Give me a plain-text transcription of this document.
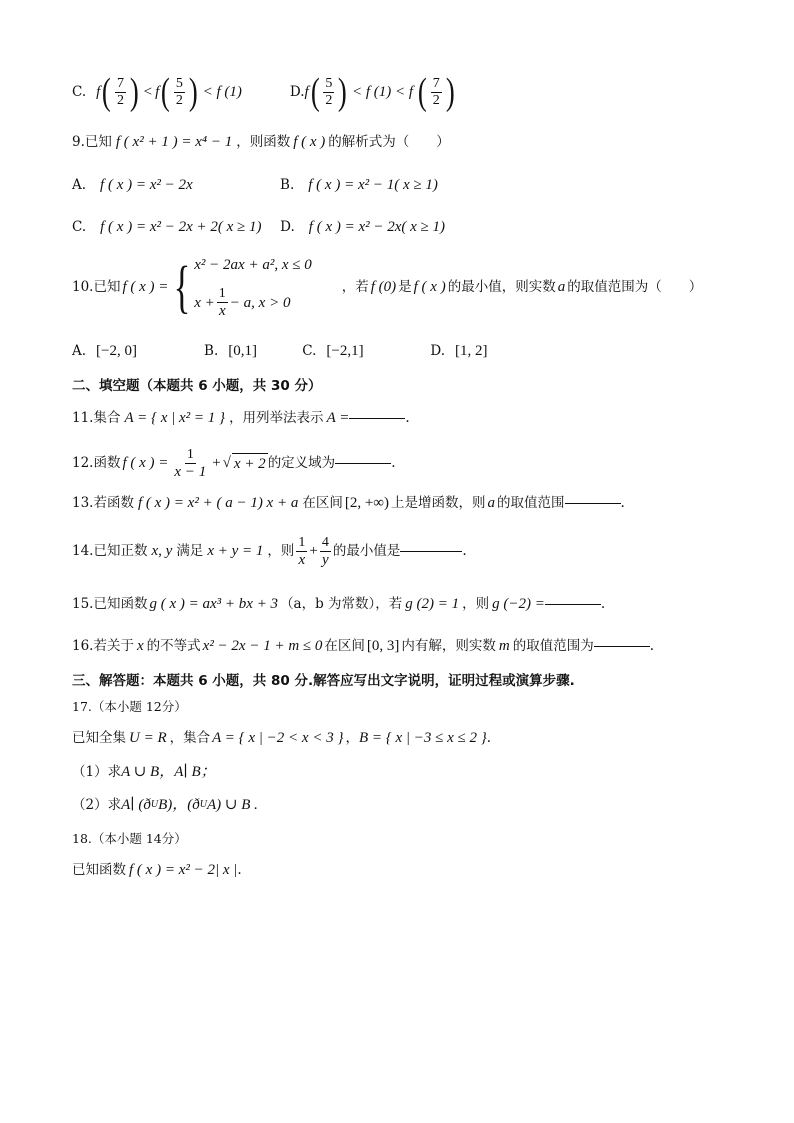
C. f ( $\frac{7}{2}$ ) < f ( $\frac{5}{2}$ ) < f (1)	D. f ( $\frac{5}{2}$ ) < f (1) < f ( $\frac{7}{2}$ )
9.已知 f ( x² + 1 ) = x⁴ − 1 ，则函数 f ( x ) 的解析式为（　　）
A. f ( x ) = x² − 2x	B. f ( x ) = x² − 1( x ≥ 1)
C. f ( x ) = x² − 2x + 2( x ≥ 1)	D. f ( x ) = x² − 2x( x ≥ 1)
10.已知 f ( x ) = { x² − 2ax + a², x ≤ 0
$x + \frac{1}{x} - a$, x > 0
，若 f (0) 是 f ( x ) 的最小值，则实数 a 的取值范围为（　　）
A. [−2, 0]	B. [0,1]	C. [−2,1]	D. [1, 2]
二、填空题（本题共 6 小题，共 30 分）
11.集合 A = { x | x² = 1 } ，用列举法表示 A =	.
12.函数 f ( x ) = $\frac{1}{x - 1}$ + √ x + 2 的定义域为	.
13.若函数 f ( x ) = x² + ( a − 1) x + a 在区间 [2, +∞) 上是增函数，则 a 的取值范围	.
14.已知正数 x, y 满足 x + y = 1 ，则 $\frac{1}{x} + \frac{4}{y}$ 的最小值是	.
15.已知函数 g ( x ) = ax³ + bx + 3 （a，b 为常数），若 g (2) = 1 ，则 g (−2) =	.
16.若关于 x 的不等式 x² − 2x − 1 + m ≤ 0 在区间 [0, 3] 内有解，则实数 m 的取值范围为	.
三、解答题：本题共 6 小题，共 80 分.解答应写出文字说明，证明过程或演算步骤.
17.（本小题 12分）
已知全集 U = R ，集合 A = { x | −2 < x < 3 } ， B = { x | −3 ≤ x ≤ 2 } .
（1）求 A ∪ B，A∣ B；
（2）求 A∣ (ð U B)，(ð U A) ∪ B .
18.（本小题 14分）
已知函数 f ( x ) = x² − 2| x | .
